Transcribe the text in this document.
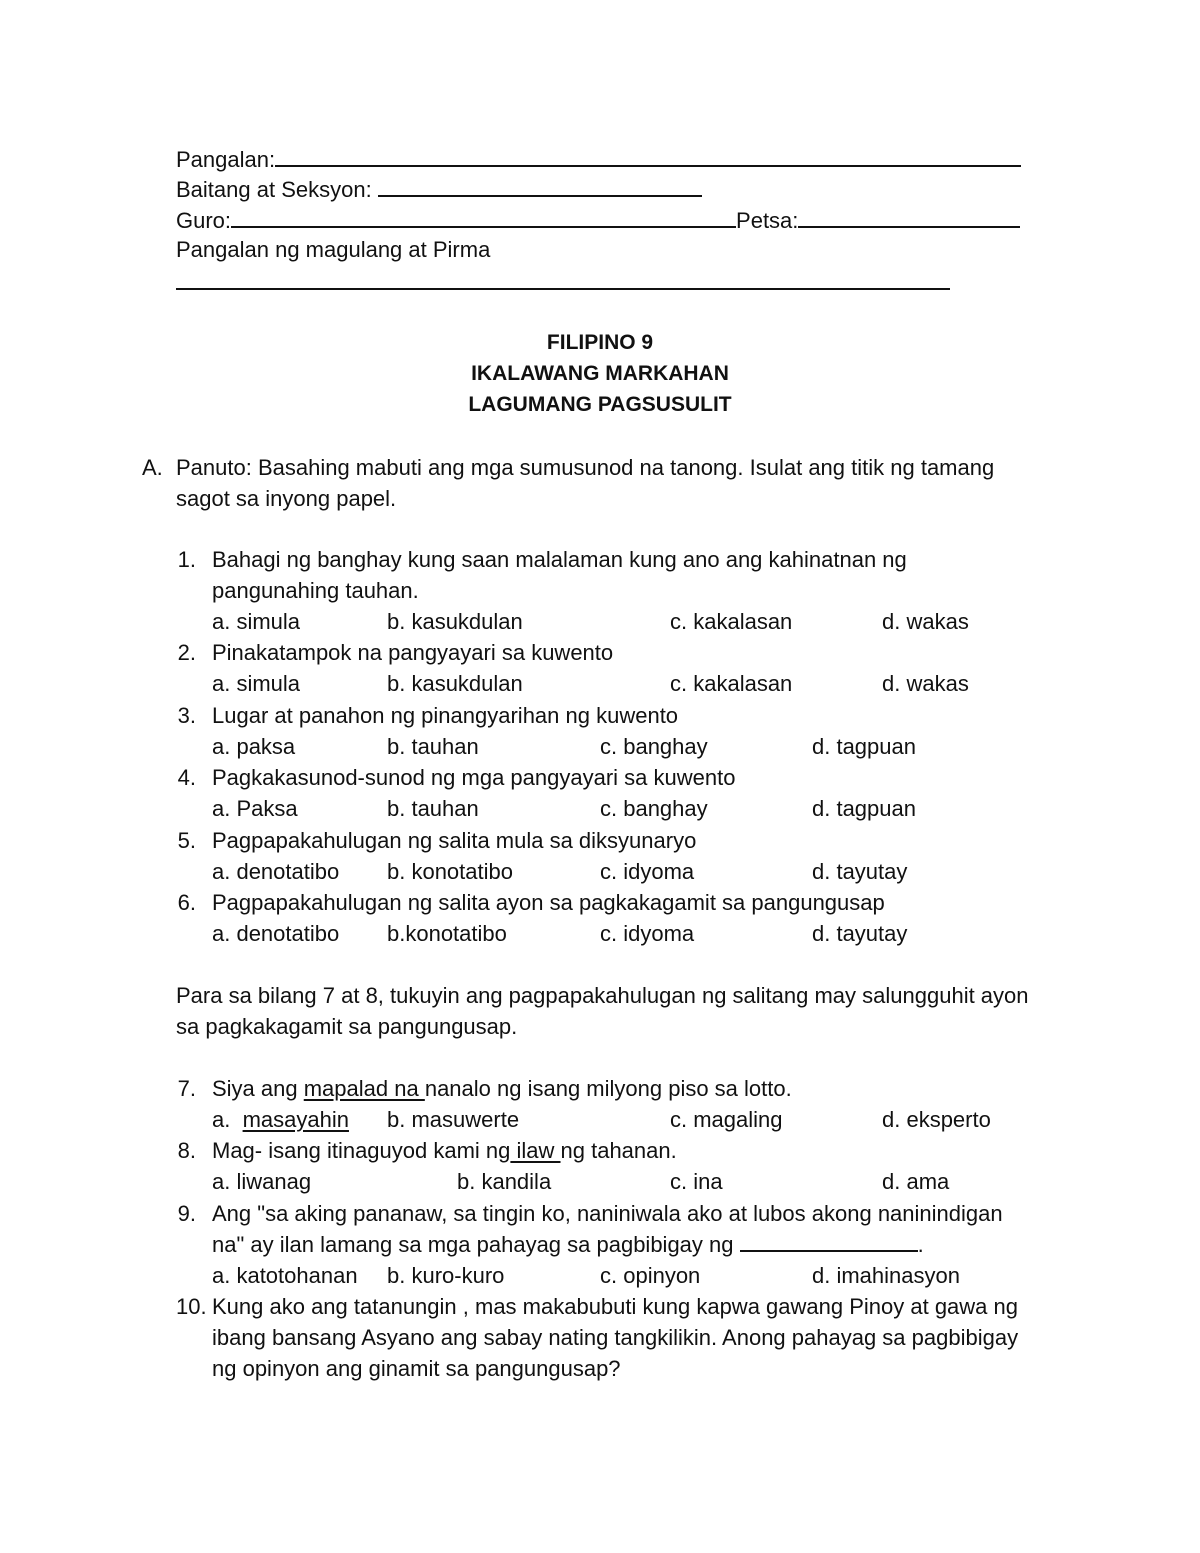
Pangalan:
Baitang at Seksyon:
Guro:	Petsa:
Pangalan ng magulang at Pirma
FILIPINO 9
IKALAWANG MARKAHAN
LAGUMANG PAGSUSULIT
A. Panuto: Basahing mabuti ang mga sumusunod na tanong. Isulat ang titik ng tamang
sagot sa inyong papel.
1. Bahagi ng banghay kung saan malalaman kung ano ang kahinatnan ng
pangunahing tauhan.
a. simula	b. kasukdulan	c. kakalasan	d. wakas
2. Pinakatampok na pangyayari sa kuwento
a. simula	b. kasukdulan	c. kakalasan	d. wakas
3. Lugar at panahon ng pinangyarihan ng kuwento
a. paksa	b. tauhan	c. banghay	d. tagpuan
4. Pagkakasunod-sunod ng mga pangyayari sa kuwento
a. Paksa	b. tauhan	c. banghay	d. tagpuan
5. Pagpapakahulugan ng salita mula sa diksyunaryo
a. denotatibo b. konotatibo	c. idyoma	d. tayutay
6. Pagpapakahulugan ng salita ayon sa pagkakagamit sa pangungusap
a. denotatibo b.konotatibo	c. idyoma	d. tayutay
Para sa bilang 7 at 8, tukuyin ang pagpapakahulugan ng salitang may salungguhit ayon
sa pagkakagamit sa pangungusap.
7. Siya ang mapalad na nanalo ng isang milyong piso sa lotto.
a.  masayahin b. masuwerte	c. magaling	d. eksperto
8. Mag- isang itinaguyod kami ng ilaw ng tahanan.
a. liwanag	b. kandila	c. ina	d. ama
9. Ang "sa aking pananaw, sa tingin ko, naniniwala ako at lubos akong naninindigan
na" ay ilan lamang sa mga pahayag sa pagbibigay ng	.
a. katotohanan b. kuro-kuro	c. opinyon	d. imahinasyon
10. Kung ako ang tatanungin , mas makabubuti kung kapwa gawang Pinoy at gawa ng
ibang bansang Asyano ang sabay nating tangkilikin. Anong pahayag sa pagbibigay
ng opinyon ang ginamit sa pangungusap?
